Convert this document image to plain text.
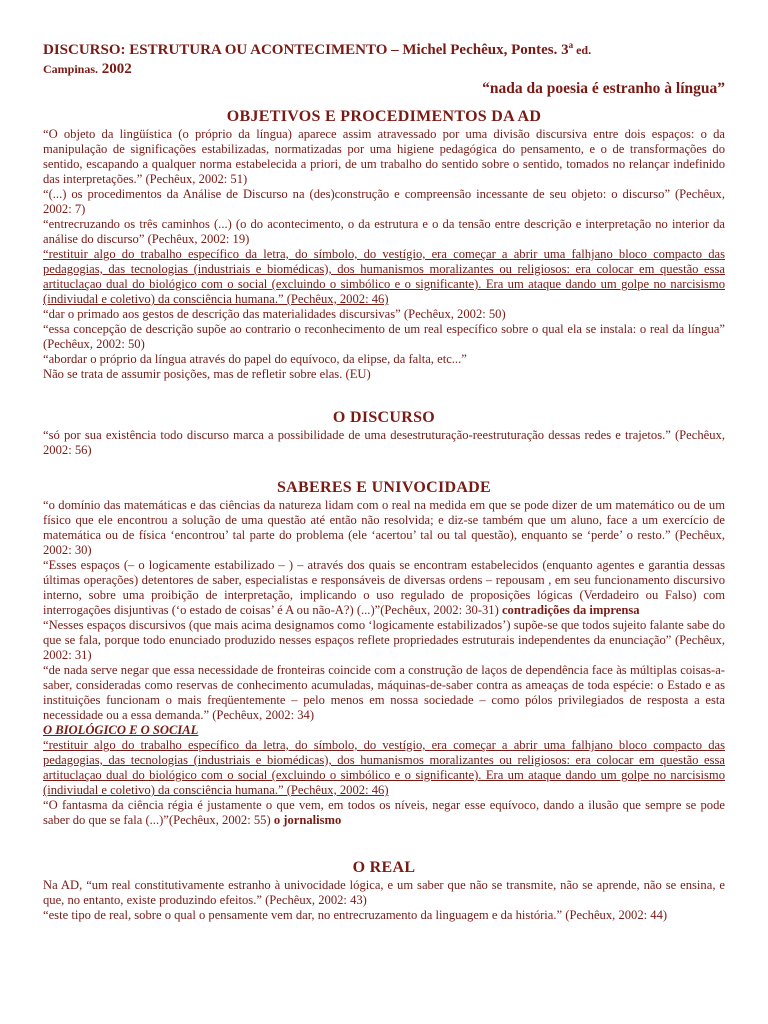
DISCURSO: ESTRUTURA OU ACONTECIMENTO – Michel Pechêux, Pontes. 3$^a$ ed.
Campinas. 2002
“nada da poesia é estranho à língua”
OBJETIVOS E PROCEDIMENTOS DA AD

“O objeto da lingüística (o próprio da língua) aparece assim atravessado por uma divisão discursiva entre dois espaços: o da manipulação de significações estabilizadas, normatizadas por uma higiene pedagógica do pensamento, e o de transformações do sentido, escapando a qualquer norma estabelecida a priori, de um trabalho do sentido sobre o sentido, tomados no relançar indefinido das interpretações.” (Pechêux, 2002: 51)

“(...) os procedimentos da Análise de Discurso na (des)construção e compreensão incessante de seu objeto: o discurso” (Pechêux, 2002: 7)

“entrecruzando os três caminhos (...) (o do acontecimento, o da estrutura e o da tensão entre descrição e interpretação no interior da análise do discurso” (Pechêux, 2002: 19)

“restituir algo do trabalho específico da letra, do símbolo, do vestígio, era começar a abrir uma falhjano bloco compacto das pedagogias, das tecnologias (industriais e biomédicas), dos humanismos moralizantes ou religiosos: era colocar em questão essa artituclaçao dual do biológico com o social (excluindo o simbólico e o significante). Era um ataque dando um golpe no narcisismo (indiviudal e coletivo) da consciência humana.” (Pechêux, 2002: 46)

“dar o primado aos gestos de descrição das materialidades discursivas” (Pechêux, 2002: 50)

“essa concepção de descrição supõe ao contrario o reconhecimento de um real específico sobre o qual ela se instala: o real da língua” (Pechêux, 2002: 50)

“abordar o próprio da língua através do papel do equívoco, da elipse, da falta, etc...”

Não se trata de assumir posições, mas de refletir sobre elas. (EU)

O DISCURSO

“só por sua existência todo discurso marca a possibilidade de uma desestruturação-reestruturação dessas redes e trajetos.” (Pechêux, 2002: 56)

SABERES E UNIVOCIDADE

“o domínio das matemáticas e das ciências da natureza lidam com o real na medida em que se pode dizer de um matemático ou de um físico que ele encontrou a solução de uma questão até então não resolvida; e diz-se também que um aluno, face a um exercício de matemática ou de física ‘encontrou’ tal parte do problema (ele ‘acertou’ tal ou tal questão), enquanto se ‘perde’ o resto.” (Pechêux, 2002: 30)

“Esses espaços (– o logicamente estabilizado – ) – através dos quais se encontram estabelecidos (enquanto agentes e garantia dessas últimas operações) detentores de saber, especialistas e responsáveis de diversas ordens – repousam , em seu funcionamento discursivo interno, sobre uma proibição de interpretação, implicando o uso regulado de proposições lógicas (Verdadeiro ou Falso) com interrogações disjuntivas (‘o estado de coisas’ é A ou não-A?) (...)”(Pechêux, 2002: 30-31) contradições da imprensa

“Nesses espaços discursivos (que mais acima designamos como ‘logicamente estabilizados’) supõe-se que todos sujeito falante sabe do que se fala, porque todo enunciado produzido nesses espaços reflete propriedades estruturais independentes da enunciação” (Pechêux, 2002: 31)

“de nada serve negar que essa necessidade de fronteiras coincide com a construção de laços de dependência face às múltiplas coisas-a-saber, consideradas como reservas de conhecimento acumuladas, máquinas-de-saber contra as ameaças de toda espécie: o Estado e as instituições funcionam o mais freqüentemente – pelo menos em nossa sociedade – como pólos privilegiados de resposta a esta necessidade ou a essa demanda.” (Pechêux, 2002: 34)

O BIOLÓGICO E O SOCIAL

“restituir algo do trabalho específico da letra, do símbolo, do vestígio, era começar a abrir uma falhjano bloco compacto das pedagogias, das tecnologias (industriais e biomédicas), dos humanismos moralizantes ou religiosos: era colocar em questão essa artituclaçao dual do biológico com o social (excluindo o simbólico e o significante). Era um ataque dando um golpe no narcisismo (indiviudal e coletivo) da consciência humana.” (Pechêux, 2002: 46)

“O fantasma da ciência régia é justamente o que vem, em todos os níveis, negar esse equívoco, dando a ilusão que sempre se pode saber do que se fala (...)”(Pechêux, 2002: 55) o jornalismo

O REAL

Na AD, “um real constitutivamente estranho à univocidade lógica, e um saber que não se transmite, não se aprende, não se ensina, e que, no entanto, existe produzindo efeitos.” (Pechêux, 2002: 43)

“este tipo de real, sobre o qual o pensamente vem dar, no entrecruzamento da linguagem e da história.” (Pechêux, 2002: 44)
